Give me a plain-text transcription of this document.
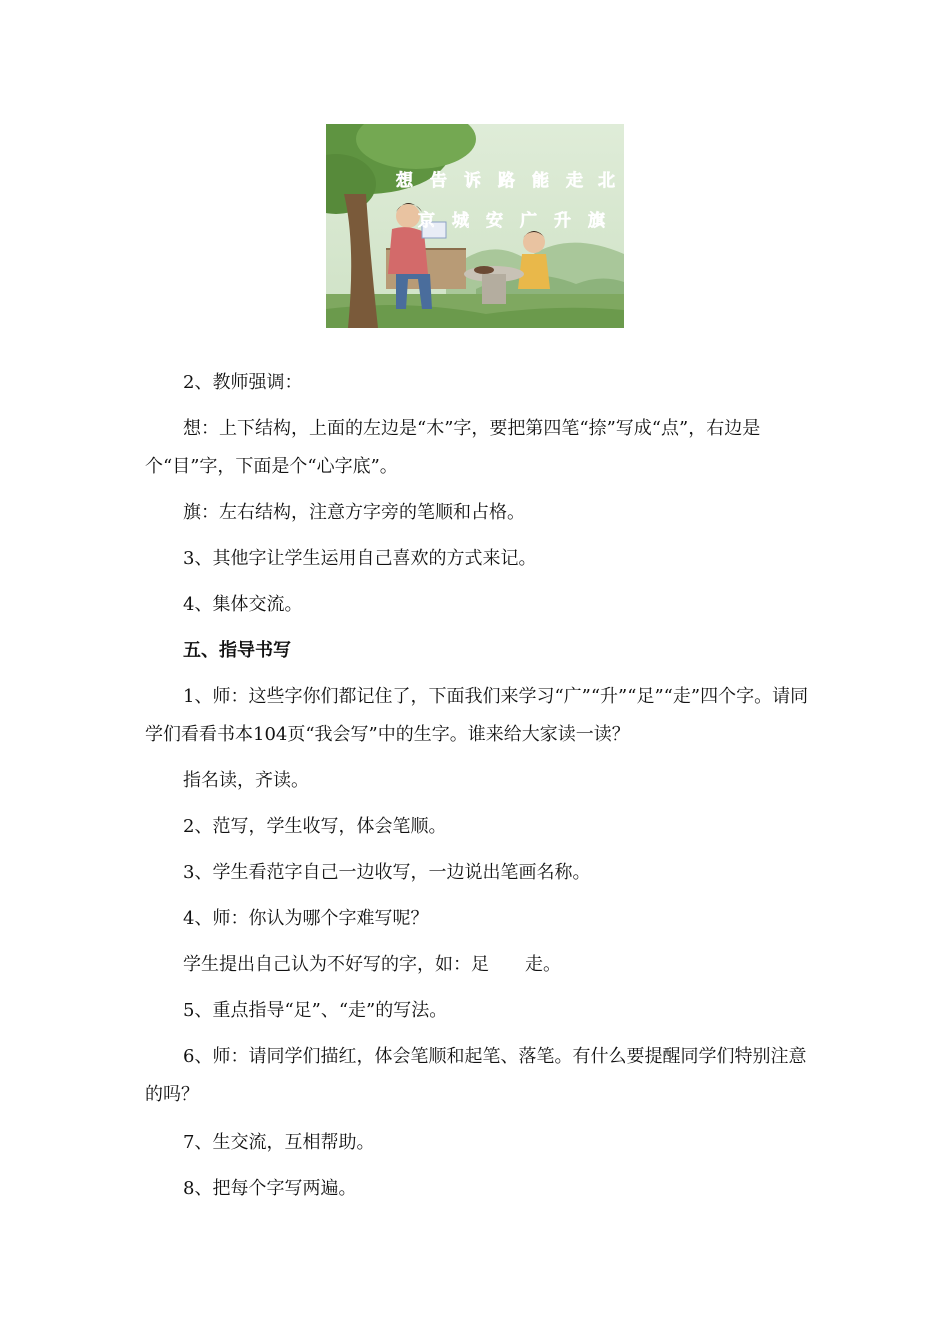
想 告 诉 路 能 走 北
京 城 安 广 升 旗

2、教师强调：

想：上下结构，上面的左边是“木”字，要把第四笔“捺”写成“点”，右边是个“目”字，下面是个“心字底”。

旗：左右结构，注意方字旁的笔顺和占格。

3、其他字让学生运用自己喜欢的方式来记。

4、集体交流。

五、指导书写

1、师：这些字你们都记住了，下面我们来学习“广”“升”“足”“走”四个字。请同学们看看书本104页“我会写”中的生字。谁来给大家读一读？

指名读，齐读。

2、范写，学生收写，体会笔顺。

3、学生看范字自己一边收写，一边说出笔画名称。

4、师：你认为哪个字难写呢？

学生提出自己认为不好写的字，如：足　　走。

5、重点指导“足”、“走”的写法。

6、师：请同学们描红，体会笔顺和起笔、落笔。有什么要提醒同学们特别注意的吗？

7、生交流，互相帮助。

8、把每个字写两遍。
